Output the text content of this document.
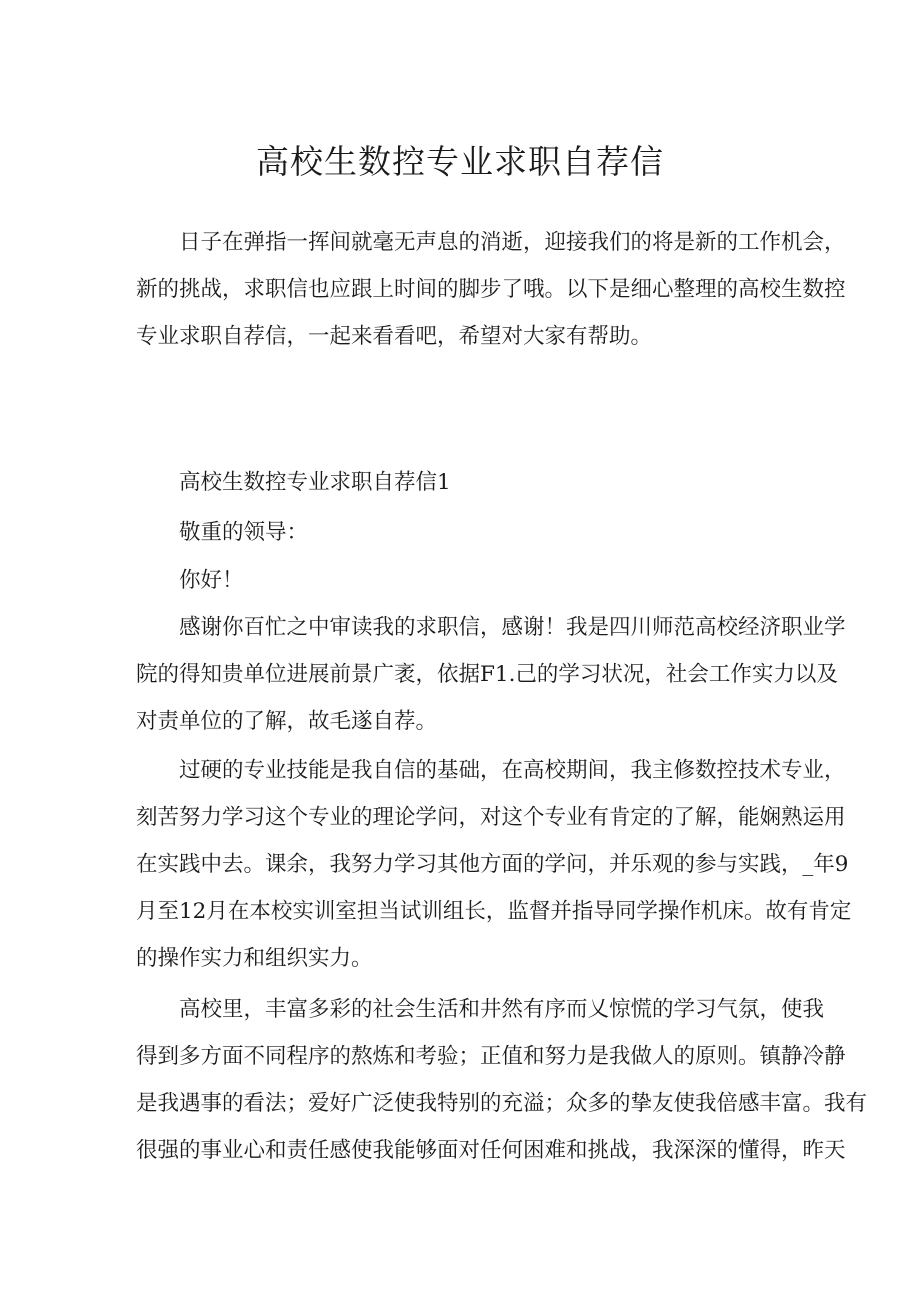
高校生数控专业求职自荐信
日子在弹指一挥间就毫无声息的消逝，迎接我们的将是新的工作机会，
新的挑战，求职信也应跟上时间的脚步了哦。以下是细心整理的高校生数控
专业求职自荐信，一起来看看吧，希望对大家有帮助。
高校生数控专业求职自荐信1
敬重的领导：
你好！
感谢你百忙之中审读我的求职信，感谢！我是四川师范高校经济职业学
院的得知贵单位进展前景广袤，依据F1.己的学习状况，社会工作实力以及
对责单位的了解，故毛遂自荐。
过硬的专业技能是我自信的基础，在高校期间，我主修数控技术专业，
刻苦努力学习这个专业的理论学问，对这个专业有肯定的了解，能娴熟运用
在实践中去。课余，我努力学习其他方面的学问，并乐观的参与实践，_年9
月至12月在本校实训室担当试训组长，监督并指导同学操作机床。故有肯定
的操作实力和组织实力。
高校里，丰富多彩的社会生活和井然有序而乂惊慌的学习气氛，使我
得到多方面不同程序的熬炼和考验；正值和努力是我做人的原则。镇静冷静
是我遇事的看法；爱好广泛使我特别的充溢；众多的挚友使我倍感丰富。我有
很强的事业心和责任感使我能够面对任何困难和挑战，我深深的懂得，昨天
